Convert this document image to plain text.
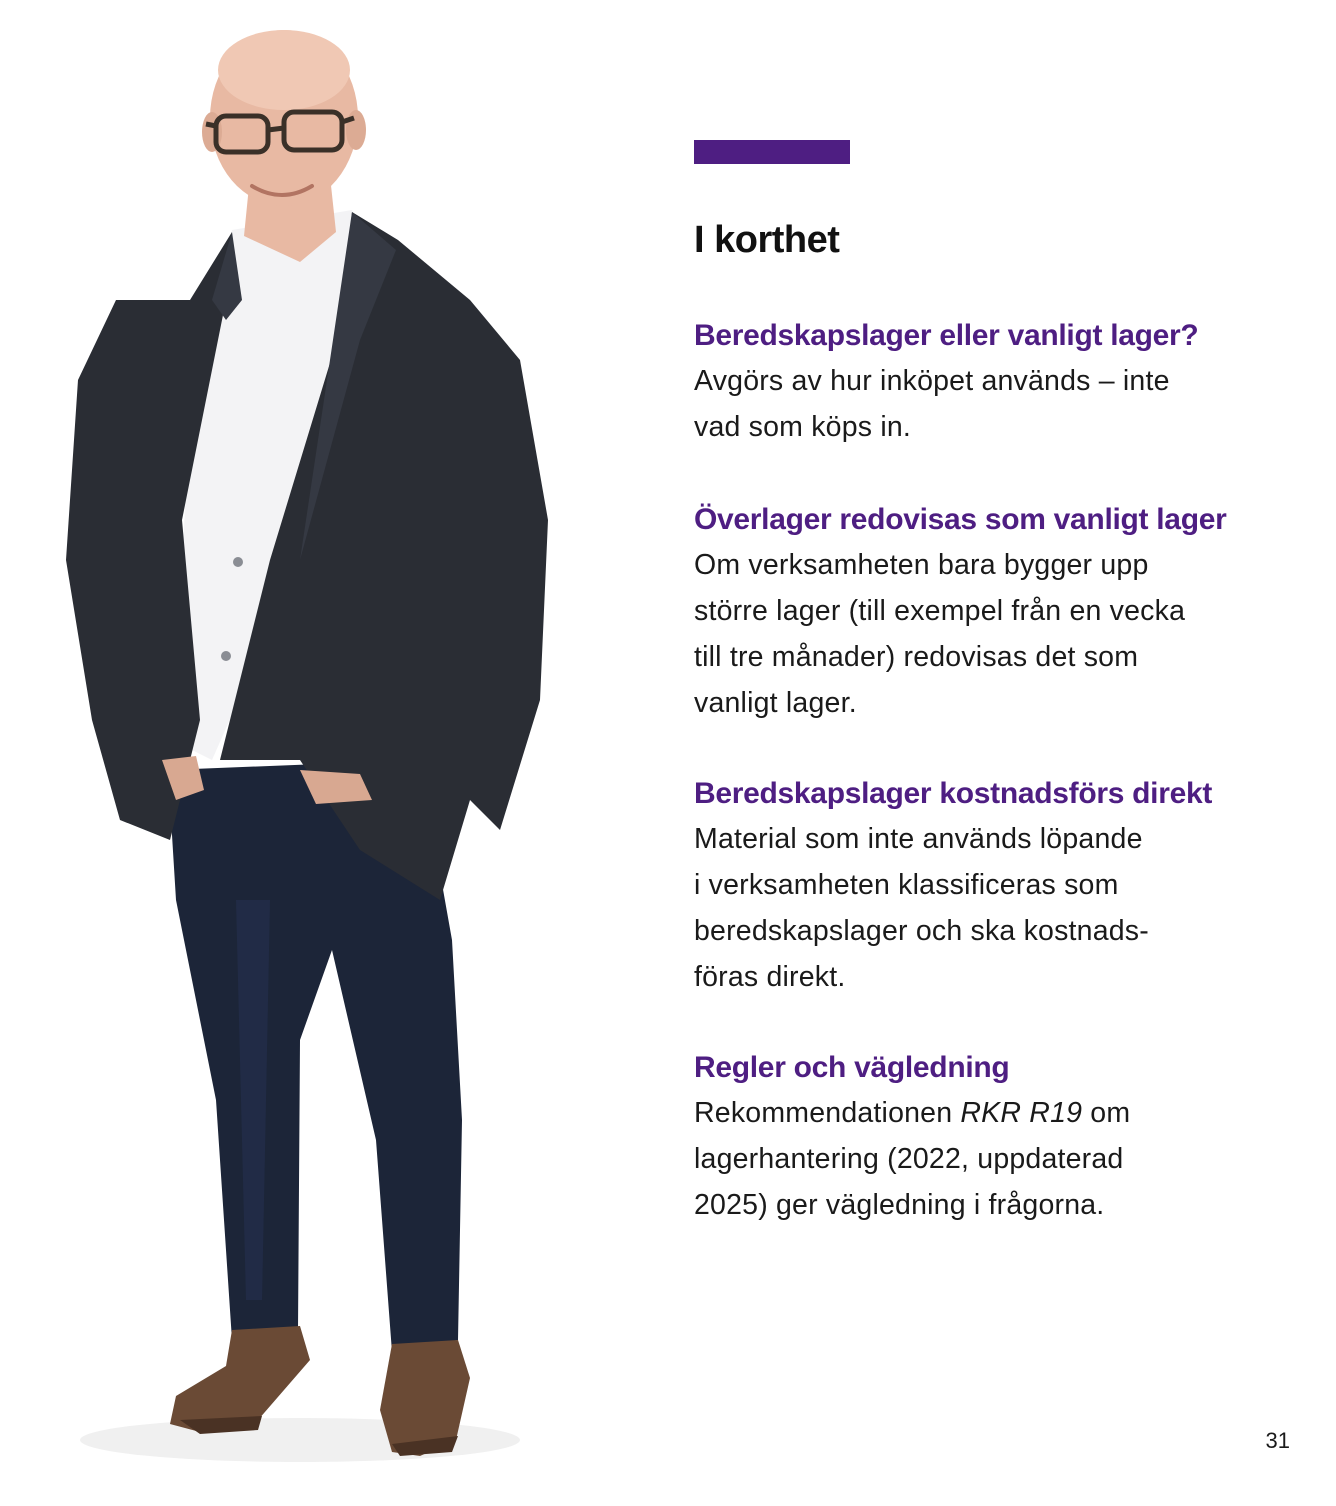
I korthet
Beredskapslager eller vanligt lager?

Avgörs av hur inköpet används – inte
vad som köps in.

Överlager redovisas som vanligt lager

Om verksamheten bara bygger upp
större lager (till exempel från en vecka
till tre månader) redovisas det som
vanligt lager.

Beredskapslager kostnadsförs direkt

Material som inte används löpande
i verksamheten klassificeras som
beredskapslager och ska kostnads-
föras direkt.

Regler och vägledning

Rekommendationen RKR R19 om
lagerhantering (2022, uppdaterad
2025) ger vägledning i frågorna.

31
